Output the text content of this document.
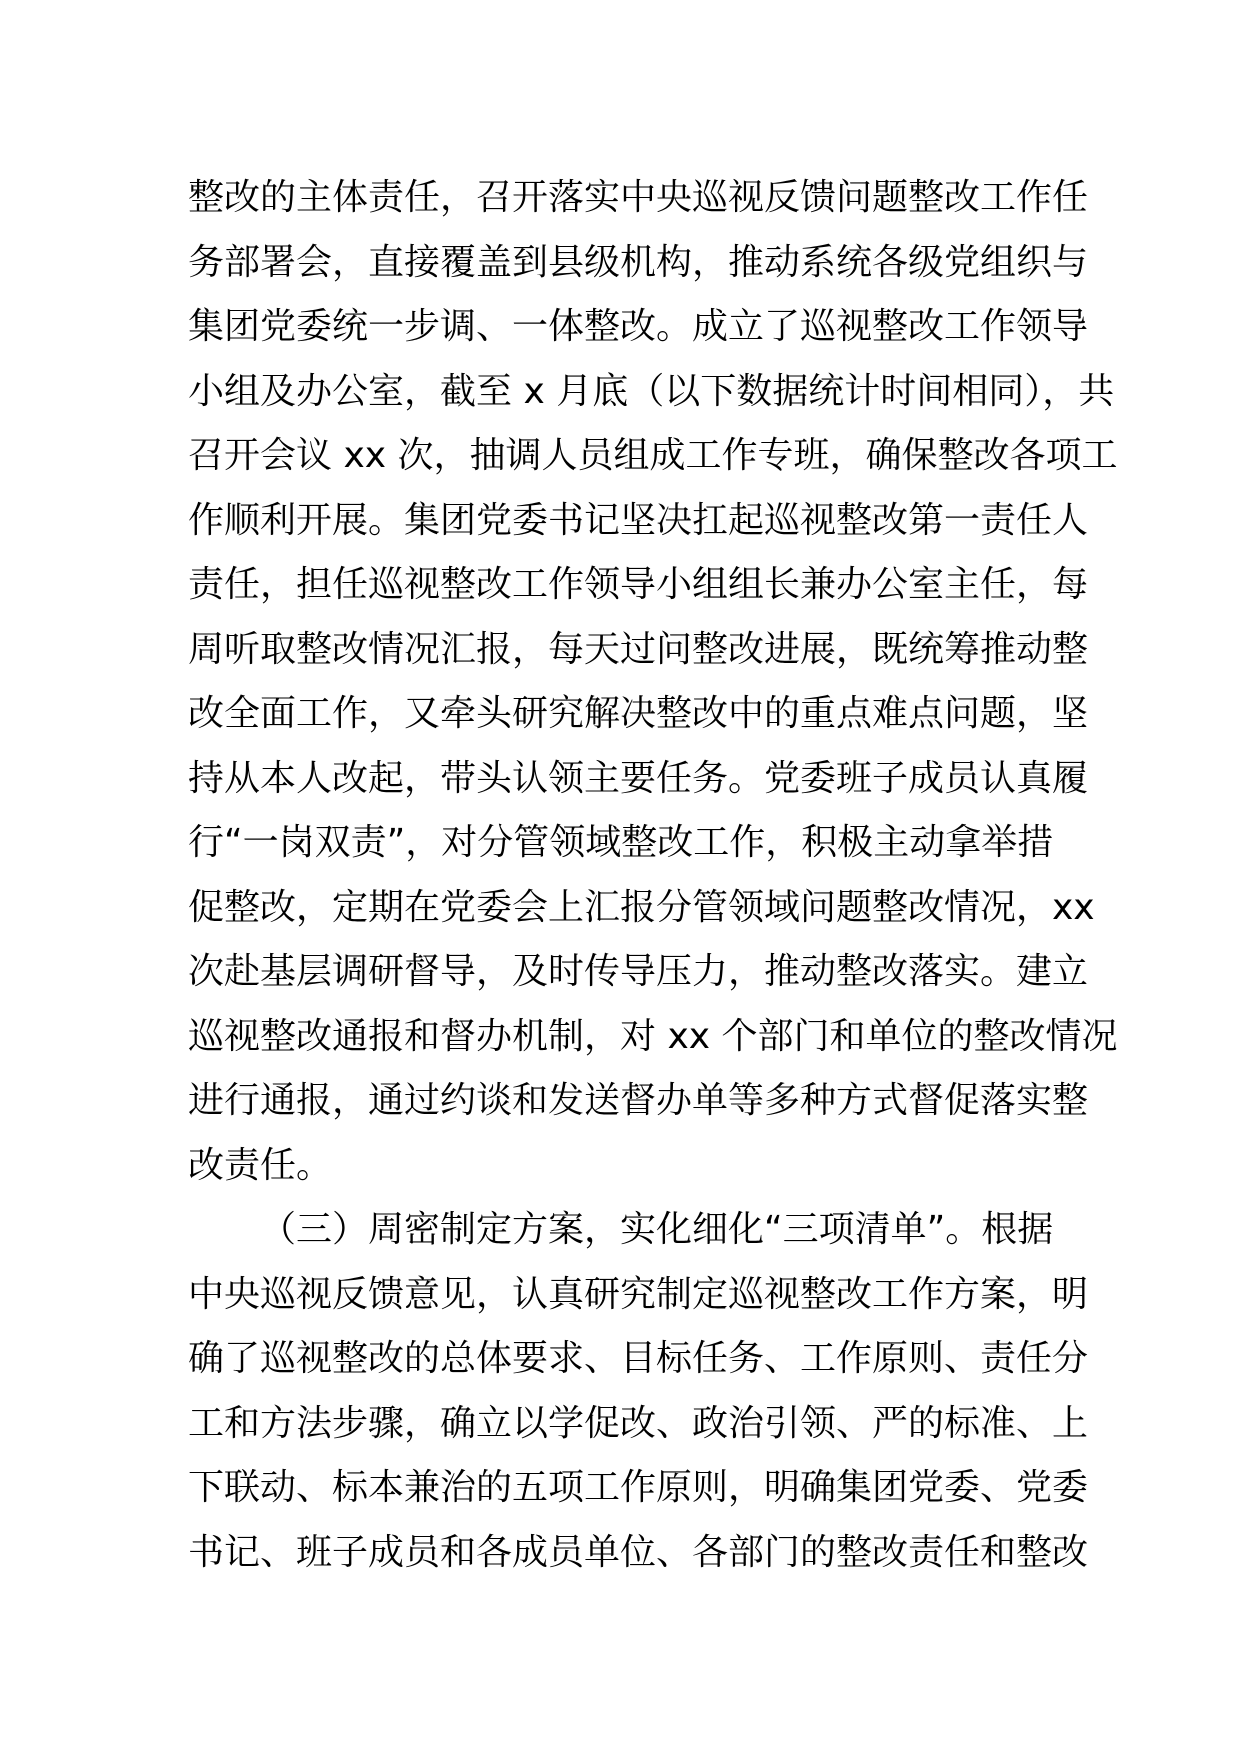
整改的主体责任，召开落实中央巡视反馈问题整改工作任
务部署会，直接覆盖到县级机构，推动系统各级党组织与
集团党委统一步调、一体整改。成立了巡视整改工作领导
小组及办公室，截至 x 月底（以下数据统计时间相同），共
召开会议 xx 次，抽调人员组成工作专班，确保整改各项工
作顺利开展。集团党委书记坚决扛起巡视整改第一责任人
责任，担任巡视整改工作领导小组组长兼办公室主任，每
周听取整改情况汇报，每天过问整改进展，既统筹推动整
改全面工作，又牵头研究解决整改中的重点难点问题，坚
持从本人改起，带头认领主要任务。党委班子成员认真履
行“一岗双责”，对分管领域整改工作，积极主动拿举措
促整改，定期在党委会上汇报分管领域问题整改情况，xx
次赴基层调研督导，及时传导压力，推动整改落实。建立
巡视整改通报和督办机制，对 xx 个部门和单位的整改情况
进行通报，通过约谈和发送督办单等多种方式督促落实整
改责任。
（三）周密制定方案，实化细化“三项清单”。根据
中央巡视反馈意见，认真研究制定巡视整改工作方案，明
确了巡视整改的总体要求、目标任务、工作原则、责任分
工和方法步骤，确立以学促改、政治引领、严的标准、上
下联动、标本兼治的五项工作原则，明确集团党委、党委
书记、班子成员和各成员单位、各部门的整改责任和整改
